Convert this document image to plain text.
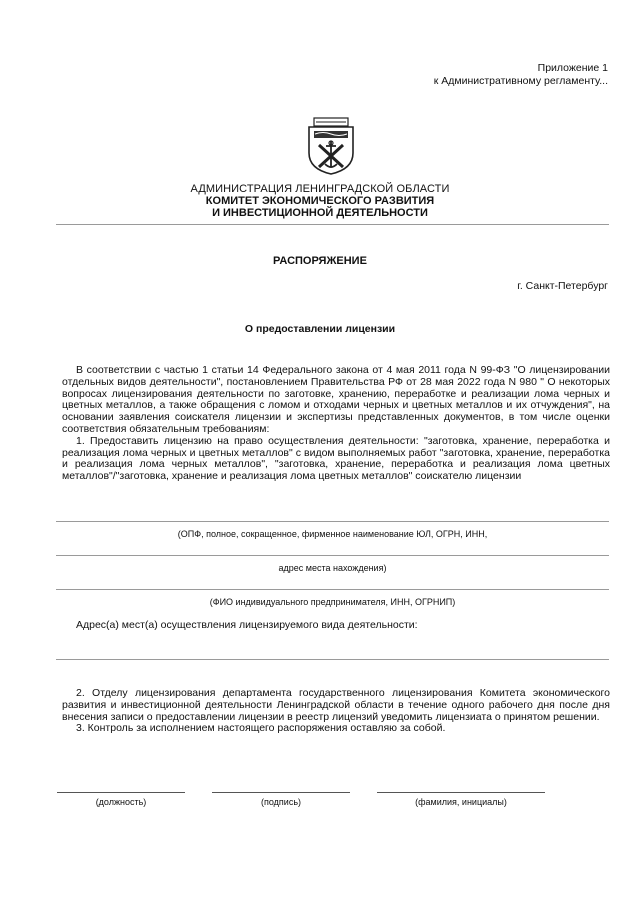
Приложение 1
к Административному регламенту...
АДМИНИСТРАЦИЯ ЛЕНИНГРАДСКОЙ ОБЛАСТИ
КОМИТЕТ ЭКОНОМИЧЕСКОГО РАЗВИТИЯ
И ИНВЕСТИЦИОННОЙ ДЕЯТЕЛЬНОСТИ
РАСПОРЯЖЕНИЕ
г. Санкт-Петербург
О предоставлении лицензии

В соответствии с частью 1 статьи 14 Федерального закона от 4 мая 2011 года N 99-ФЗ "О лицензировании отдельных видов деятельности", постановлением Правительства РФ от 28 мая 2022 года N 980 " О некоторых вопросах лицензирования деятельности по заготовке, хранению, переработке и реализации лома черных и цветных металлов, а также обращения с ломом и отходами черных и цветных металлов и их отчуждения", на основании заявления соискателя лицензии и экспертизы представленных документов, в том числе оценки соответствия обязательным требованиям:

1. Предоставить лицензию на право осуществления деятельности: "заготовка, хранение, переработка и реализация лома черных и цветных металлов" с видом выполняемых работ "заготовка, хранение, переработка и реализация лома черных металлов", "заготовка, хранение, переработка и реализация лома цветных металлов"/"заготовка, хранение и реализация лома цветных металлов" соискателю лицензии

(ОПФ, полное, сокращенное, фирменное наименование ЮЛ, ОГРН, ИНН,
адрес места нахождения)
(ФИО индивидуального предпринимателя, ИНН, ОГРНИП)
Адрес(а) мест(а) осуществления лицензируемого вида деятельности:

2. Отделу лицензирования департамента государственного лицензирования Комитета экономического развития и инвестиционной деятельности Ленинградской области в течение одного рабочего дня после дня внесения записи о предоставлении лицензии в реестр лицензий уведомить лицензиата о принятом решении.

3. Контроль за исполнением настоящего распоряжения оставляю за собой.

(должность)	(подпись)	(фамилия, инициалы)
